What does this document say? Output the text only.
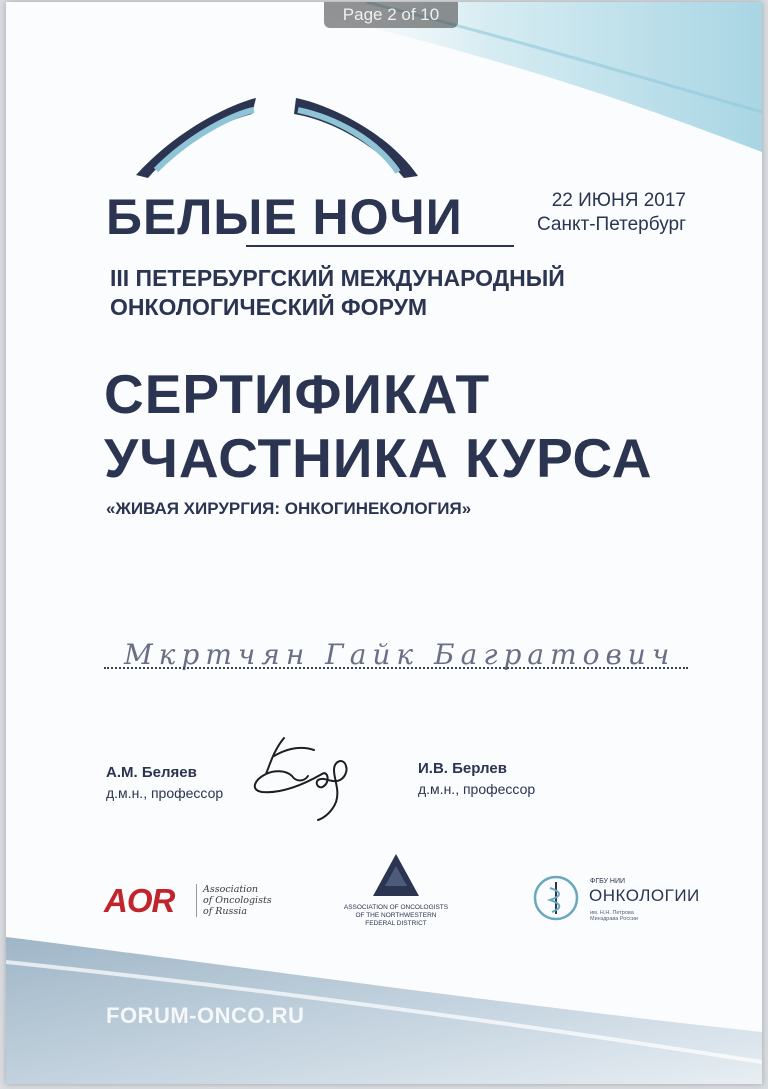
Page 2 of 10
БЕЛЫЕ НОЧИ	22 ИЮНЯ 2017
Санкт-Петербург
III ПЕТЕРБУРГСКИЙ МЕЖДУНАРОДНЫЙ
ОНКОЛОГИЧЕСКИЙ ФОРУМ
СЕРТИФИКАТ
УЧАСТНИКА КУРСА
«ЖИВАЯ ХИРУРГИЯ: ОНКОГИНЕКОЛОГИЯ»
Мкртчян Гайк Багратович
А.М. Беляев
д.м.н., профессор
И.В. Берлев
д.м.н., профессор
AOR	Association
of Oncologists
of Russia	ASSOCIATION OF ONCOLOGISTS
OF THE NORTHWESTERN
FEDERAL DISTRICT
ФГБУ НИИ
ОНКОЛОГИИ
им. Н.Н. Петрова Минздрава России
FORUM-ONCO.RU
